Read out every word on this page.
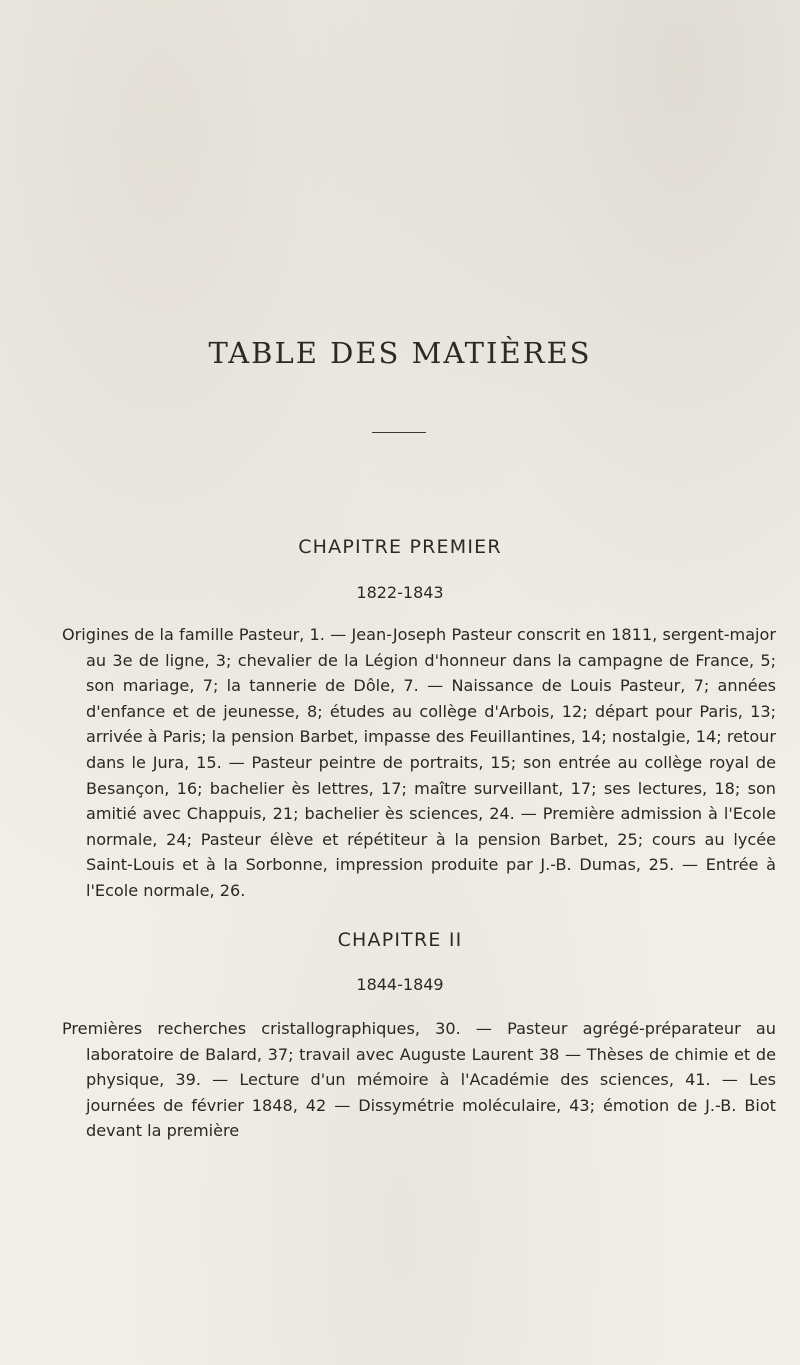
TABLE DES MATIÈRES
CHAPITRE PREMIER
1822-1843

Origines de la famille Pasteur, 1. — Jean-Joseph Pasteur conscrit en 1811, sergent-major au 3e de ligne, 3; chevalier de la Légion d'honneur dans la campagne de France, 5; son mariage, 7; la tannerie de Dôle, 7. — Naissance de Louis Pasteur, 7; années d'enfance et de jeunesse, 8; études au collège d'Arbois, 12; départ pour Paris, 13; arrivée à Paris; la pension Barbet, impasse des Feuillantines, 14; nostalgie, 14; retour dans le Jura, 15. — Pasteur peintre de portraits, 15; son entrée au collège royal de Besançon, 16; bachelier ès lettres, 17; maître surveillant, 17; ses lectures, 18; son amitié avec Chappuis, 21; bachelier ès sciences, 24. — Première admission à l'Ecole normale, 24; Pasteur élève et répétiteur à la pension Barbet, 25; cours au lycée Saint-Louis et à la Sorbonne, impression produite par J.-B. Dumas, 25. — Entrée à l'Ecole normale, 26.

CHAPITRE II
1844-1849

Premières recherches cristallographiques, 30. — Pasteur agrégé-préparateur au laboratoire de Balard, 37; travail avec Auguste Laurent 38 — Thèses de chimie et de physique, 39. — Lecture d'un mémoire à l'Académie des sciences, 41. — Les journées de février 1848, 42 — Dissymétrie moléculaire, 43; émotion de J.-B. Biot devant la première
